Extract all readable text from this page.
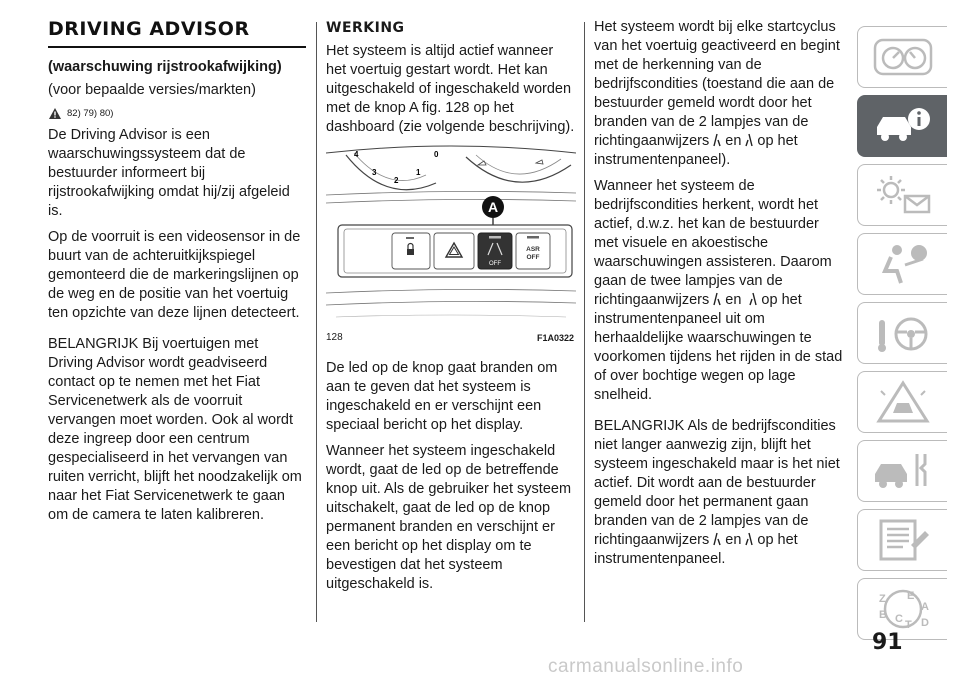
DRIVING ADVISOR
(waarschuwing rijstrookafwijking)

(voor bepaalde versies/markten)

82) 79) 80)

De Driving Advisor is een waarschuwingssysteem dat de bestuurder informeert bij rijstrookafwijking omdat hij/zij afgeleid is.

Op de voorruit is een videosensor in de buurt van de achteruitkijkspiegel gemonteerd die de markeringslijnen op de weg en de positie van het voertuig ten opzichte van deze lijnen detecteert.

BELANGRIJK Bij voertuigen met Driving Advisor wordt geadviseerd contact op te nemen met het Fiat Servicenetwerk als de voorruit vervangen moet worden. Ook al wordt deze ingreep door een centrum gespecialiseerd in het vervangen van ruiten verricht, blijft het noodzakelijk om naar het Fiat Servicenetwerk te gaan om de camera te laten kalibreren.

WERKING

Het systeem is altijd actief wanneer het voertuig gestart wordt. Het kan uitgeschakeld of ingeschakeld worden met de knop A fig. 128 op het dashboard (zie volgende beschrijving).

4
3
2
1
0
A
OFF
ASR
OFF
128	F1A0322

De led op de knop gaat branden om aan te geven dat het systeem is ingeschakeld en er verschijnt een speciaal bericht op het display.

Wanneer het systeem ingeschakeld wordt, gaat de led op de betreffende knop uit. Als de gebruiker het systeem uitschakelt, gaat de led op de knop permanent branden en verschijnt er een bericht op het display om te bevestigen dat het systeem uitgeschakeld is.

Het systeem wordt bij elke startcyclus van het voertuig geactiveerd en begint met de herkenning van de bedrijfscondities (toestand die aan de bestuurder gemeld wordt door het branden van de 2 lampjes van de richtingaanwijzers en op het instrumentenpaneel).

Wanneer het systeem de bedrijfscondities herkent, wordt het actief, d.w.z. het kan de bestuurder met visuele en akoestische waarschuwingen assisteren. Daarom gaan de twee lampjes van de richtingaanwijzers en op het instrumentenpaneel uit om herhaaldelijke waarschuwingen te voorkomen tijdens het rijden in de stad of over bochtige wegen op lage snelheid.

BELANGRIJK Als de bedrijfscondities niet langer aanwezig zijn, blijft het systeem ingeschakeld maar is het niet actief. Dit wordt aan de bestuurder gemeld door het permanent gaan branden van de 2 lampjes van de richtingaanwijzers en op het instrumentenpaneel.

Z E
A
B C T D
91
carmanualsonline.info
